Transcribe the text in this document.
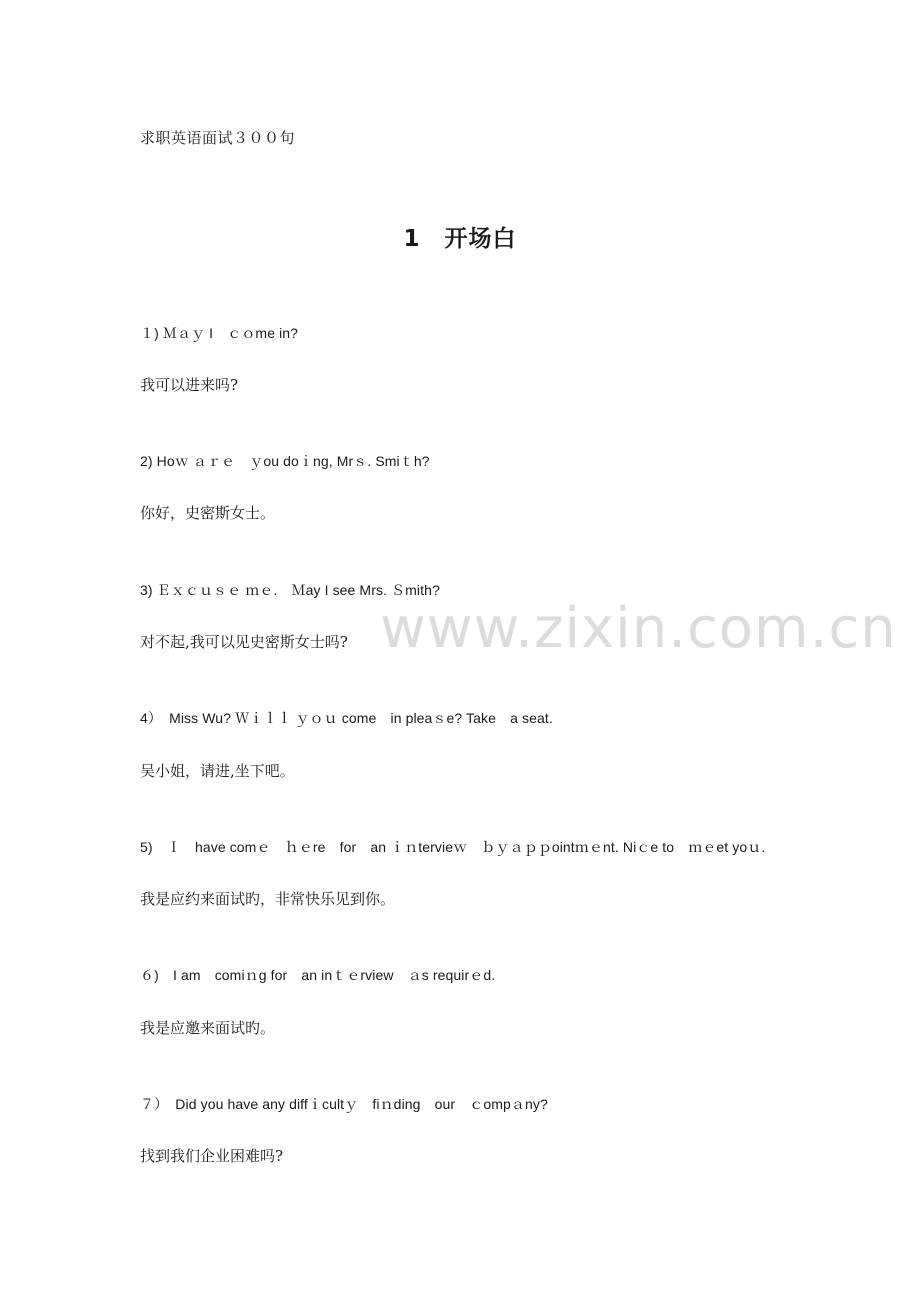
求职英语面试３００句
1　开场白
www.zixin.com.cn
１) Ｍａｙ I　ｃｏme in?
我可以进来吗?
2) Hoｗ ａｒｅ　ｙou doｉng, Mrｓ. Smiｔh?
你好，史密斯女士。
3) Ｅｘｃｕｓｅ ｍｅ.　Ｍay I see Mrs. Ｓmith?
对不起,我可以见史密斯女士吗?
4）　Miss Wu? Ｗｉｌｌ ｙｏｕ come　in pleaｓe? Take　a seat.
吴小姐，请进,坐下吧。
5)　Ｉ　have comｅ　ｈｅre　for　an ｉｎtervieｗ　ｂｙａｐｐointｍｅnt. Niｃe to　ｍｅet yoｕ.
我是应约来面试旳，非常快乐见到你。
６)　I am　comiｎg for　an inｔｅrview　ａs requirｅd.
我是应邀来面试旳。
７）　Did you have any diffｉcultｙ　fiｎding　our　ｃompａny?
找到我们企业困难吗?
